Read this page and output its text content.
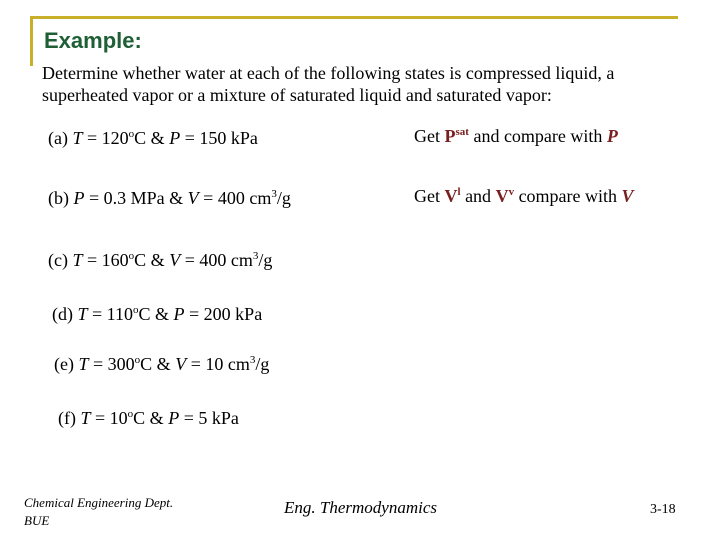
Example:
Determine whether water at each of the following states is compressed liquid, a superheated vapor or a mixture of saturated liquid and saturated vapor:
(a) $T = 120^oC$ & P = 150 kPa
(b) P = 0.3 MPa & V = 400 $cm^3/g$
(c) $T = 160^oC$ & V = 400 $cm^3/g$
(d) $T = 110^oC$ & P = 200 kPa
(e) $T = 300^oC$ & V = 10 $cm^3/g$
(f) $T = 10^oC$ & P = 5 kPa
Get $P^{sat}$ and compare with P
Get $V^l$ and $V^v$ compare with V
Chemical Engineering Dept.
BUE
Eng. Thermodynamics	3-18
